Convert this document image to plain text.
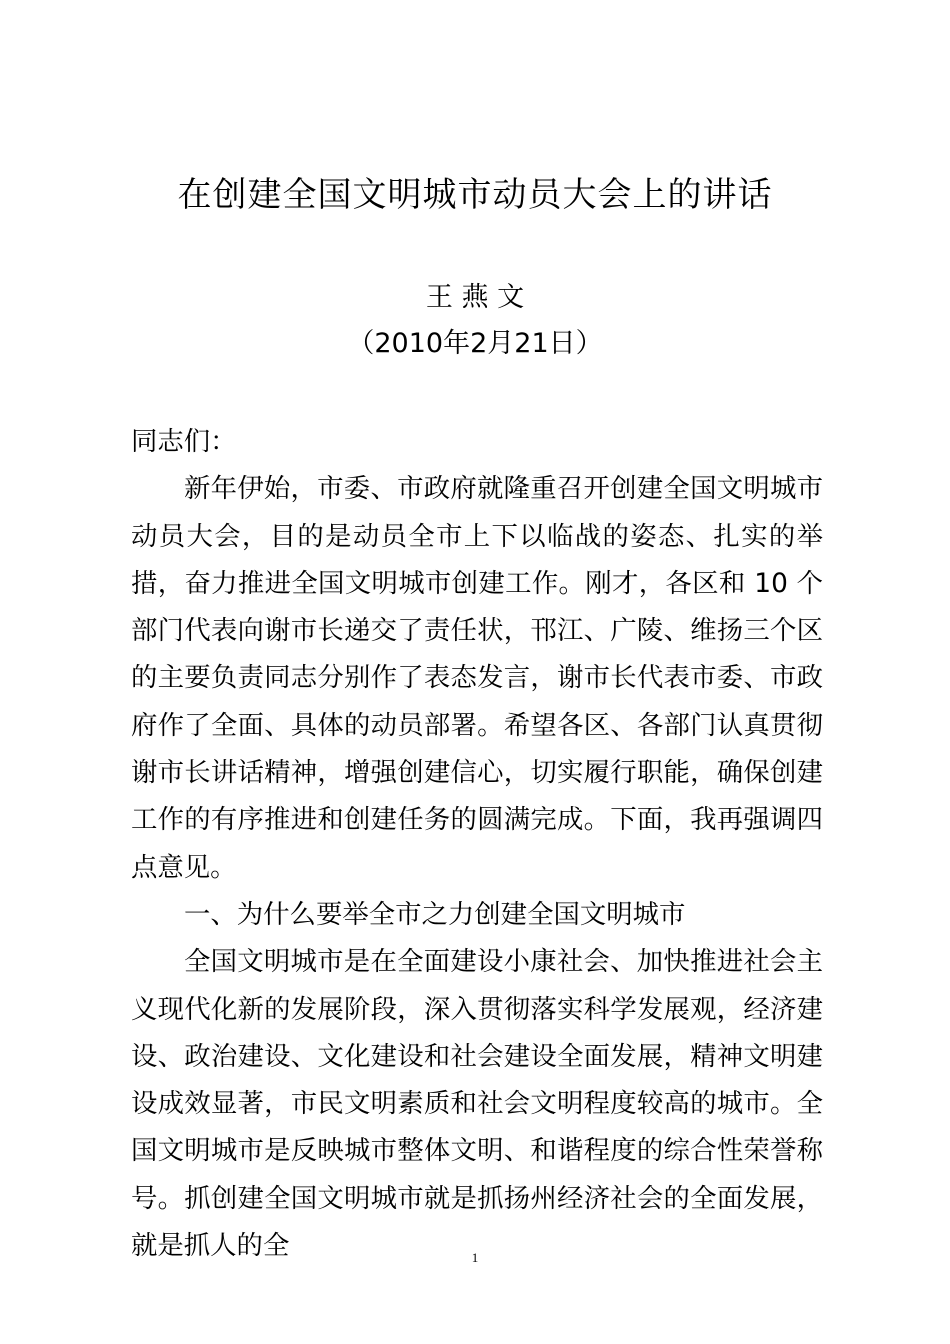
在创建全国文明城市动员大会上的讲话
王 燕 文
（2010年2月21日）

同志们：

新年伊始，市委、市政府就隆重召开创建全国文明城市动员大会，目的是动员全市上下以临战的姿态、扎实的举措，奋力推进全国文明城市创建工作。刚才，各区和 10 个部门代表向谢市长递交了责任状，邗江、广陵、维扬三个区的主要负责同志分别作了表态发言，谢市长代表市委、市政府作了全面、具体的动员部署。希望各区、各部门认真贯彻谢市长讲话精神，增强创建信心，切实履行职能，确保创建工作的有序推进和创建任务的圆满完成。下面，我再强调四点意见。

一、为什么要举全市之力创建全国文明城市

全国文明城市是在全面建设小康社会、加快推进社会主义现代化新的发展阶段，深入贯彻落实科学发展观，经济建设、政治建设、文化建设和社会建设全面发展，精神文明建设成效显著，市民文明素质和社会文明程度较高的城市。全国文明城市是反映城市整体文明、和谐程度的综合性荣誉称号。抓创建全国文明城市就是抓扬州经济社会的全面发展，就是抓人的全	1
